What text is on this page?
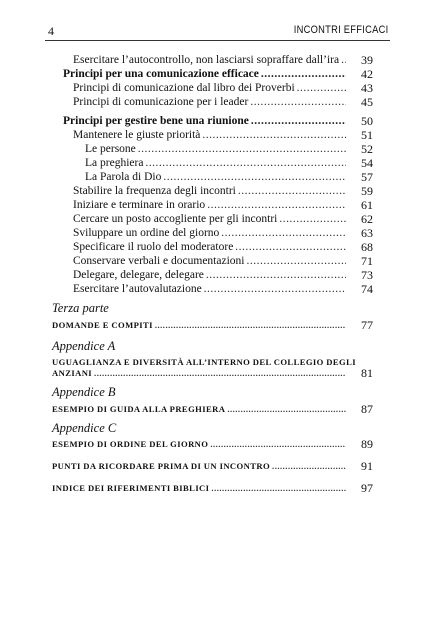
4	INCONTRI EFFICACI
Esercitare l’autocontrollo, non lasciarsi sopraffare dall’ira ..... 39
Principi per una comunicazione efficace .....	42
Principi di comunicazione dal libro dei Proverbi .....	43
Principi di comunicazione per i leader .....	45
Principi per gestire bene una riunione .....	50
Mantenere le giuste priorità .....	51
Le persone .....	52
La preghiera .....	54
La Parola di Dio .....	57
Stabilire la frequenza degli incontri .....	59
Iniziare e terminare in orario .....	61
Cercare un posto accogliente per gli incontri .....	62
Sviluppare un ordine del giorno .....	63
Specificare il ruolo del moderatore .....	68
Conservare verbali e documentazioni .....	71
Delegare, delegare, delegare .....	73
Esercitare l’autovalutazione .....	74
Terza parte
DOMANDE E COMPITI .....	77
Appendice A
UGUAGLIANZA E DIVERSITÀ ALL’INTERNO DEL COLLEGIO DEGLI
ANZIANI .....	81
Appendice B
ESEMPIO DI GUIDA ALLA PREGHIERA .....	87
Appendice C
ESEMPIO DI ORDINE DEL GIORNO .....	89
PUNTI DA RICORDARE PRIMA DI UN INCONTRO .....	91
INDICE DEI RIFERIMENTI BIBLICI .....	97
